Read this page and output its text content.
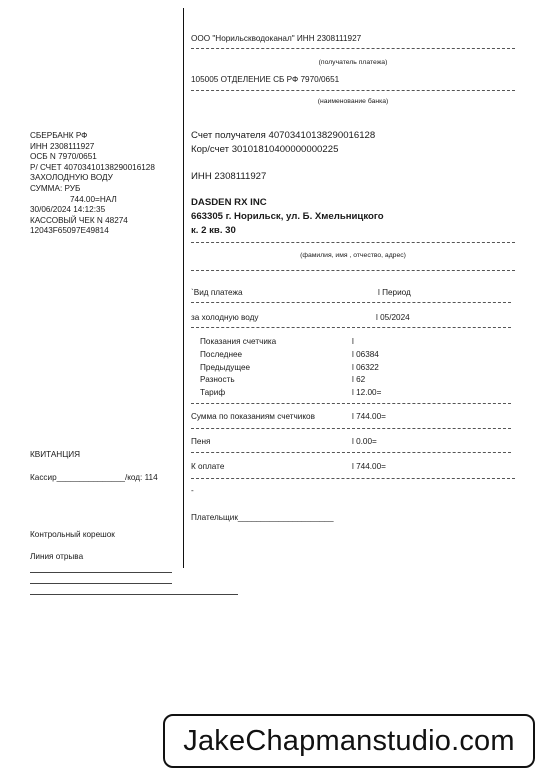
СБЕРБАНК РФ
ИНН 2308111927
ОСБ N 7970/0651
Р/ СЧЕТ 40703410138290016128
ЗАХОЛОДНУЮ ВОДУ
СУММА: РУБ
744.00=НАЛ
30/06/2024 14:12:35
КАССОВЫЙ ЧЕК N 48274
12043F65097E49814
КВИТАНЦИЯ
Кассир_______________/код: 114
Контрольный корешок
Линия отрыва
ООО "Норильскводоканал" ИНН 2308111927
(получатель платежа)
105005 ОТДЕЛЕНИЕ СБ РФ 7970/0651
(наименование банка)
Счет получателя 40703410138290016128
Кор/счет 30101810400000000225
ИНН 2308111927
DASDEN RX INC
663305 г. Норильск, ул. Б. Хмельницкого
к. 2 кв. 30
(фамилия, имя , отчество, адрес)
`Вид платежа	l Период
за холодную воду	l 05/2024
Показания счетчика	l
Последнее	l 06384
Предыдущее	l 06322
Разность	l 62
Тариф	l 12.00=
Сумма по показаниям счетчиков	l 744.00=
Пеня	l 0.00=
К оплате	l 744.00=
-
Плательщик_____________________
JakeChapmanstudio.com
